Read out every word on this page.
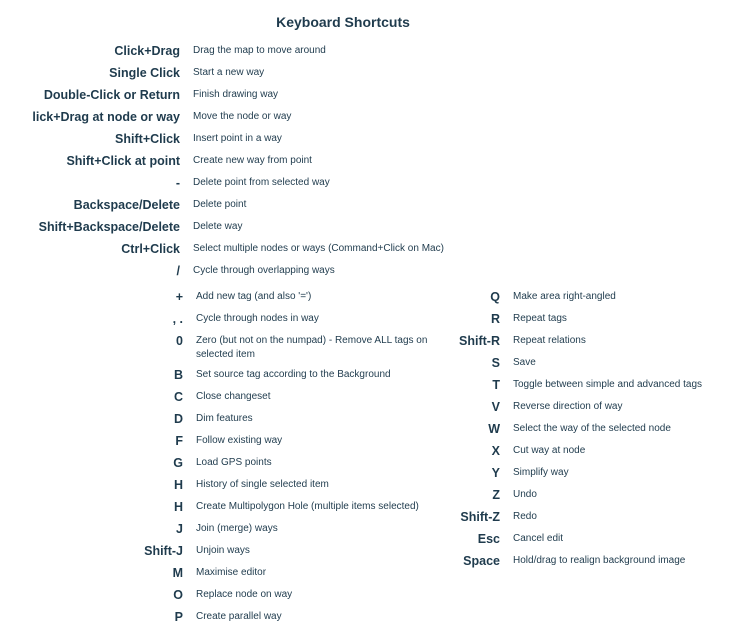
Keyboard Shortcuts
Click+Drag Drag the map to move around
Single Click Start a new way
Double-Click or Return Finish drawing way
lick+Drag at node or way Move the node or way
Shift+Click Insert point in a way
Shift+Click at point Create new way from point
- Delete point from selected way
Backspace/Delete Delete point
Shift+Backspace/Delete Delete way
Ctrl+Click Select multiple nodes or ways (Command+Click on Mac)
/ Cycle through overlapping ways
+ Add new tag (and also '=')
, . Cycle through nodes in way
0 Zero (but not on the numpad) - Remove ALL tags on selected item
B Set source tag according to the Background
C Close changeset
D Dim features
F Follow existing way
G Load GPS points
H History of single selected item
H Create Multipolygon Hole (multiple items selected)
J Join (merge) ways
Shift-J Unjoin ways
M Maximise editor
O Replace node on way
P Create parallel way
Q Make area right-angled
R Repeat tags
Shift-R Repeat relations
S Save
T Toggle between simple and advanced tags
V Reverse direction of way
W Select the way of the selected node
X Cut way at node
Y Simplify way
Z Undo
Shift-Z Redo
Esc Cancel edit
Space Hold/drag to realign background image
